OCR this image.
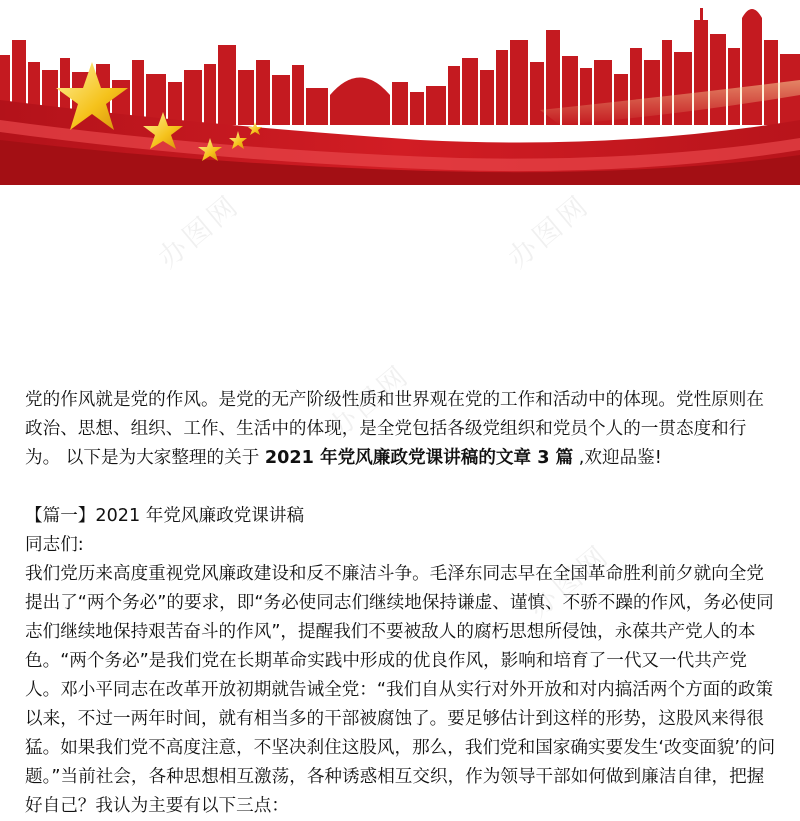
办图网	办图网
办图网
办图网

党的作风就是党的作风。是党的无产阶级性质和世界观在党的工作和活动中的体现。党性原则在政治、思想、组织、工作、生活中的体现，是全党包括各级党组织和党员个人的一贯态度和行为。 以下是为大家整理的关于 2021 年党风廉政党课讲稿的文章 3 篇 ,欢迎品鉴!

【篇一】2021 年党风廉政党课讲稿

同志们:

我们党历来高度重视党风廉政建设和反不廉洁斗争。毛泽东同志早在全国革命胜利前夕就向全党提出了“两个务必”的要求，即“务必使同志们继续地保持谦虚、谨慎、不骄不躁的作风，务必使同志们继续地保持艰苦奋斗的作风”，提醒我们不要被敌人的腐朽思想所侵蚀，永葆共产党人的本色。“两个务必”是我们党在长期革命实践中形成的优良作风，影响和培育了一代又一代共产党人。邓小平同志在改革开放初期就告诫全党：“我们自从实行对外开放和对内搞活两个方面的政策以来，不过一两年时间，就有相当多的干部被腐蚀了。要足够估计到这样的形势，这股风来得很猛。如果我们党不高度注意，不坚决刹住这股风，那么，我们党和国家确实要发生‘改变面貌’的问题。”当前社会，各种思想相互激荡，各种诱惑相互交织，作为领导干部如何做到廉洁自律，把握好自己？我认为主要有以下三点：
